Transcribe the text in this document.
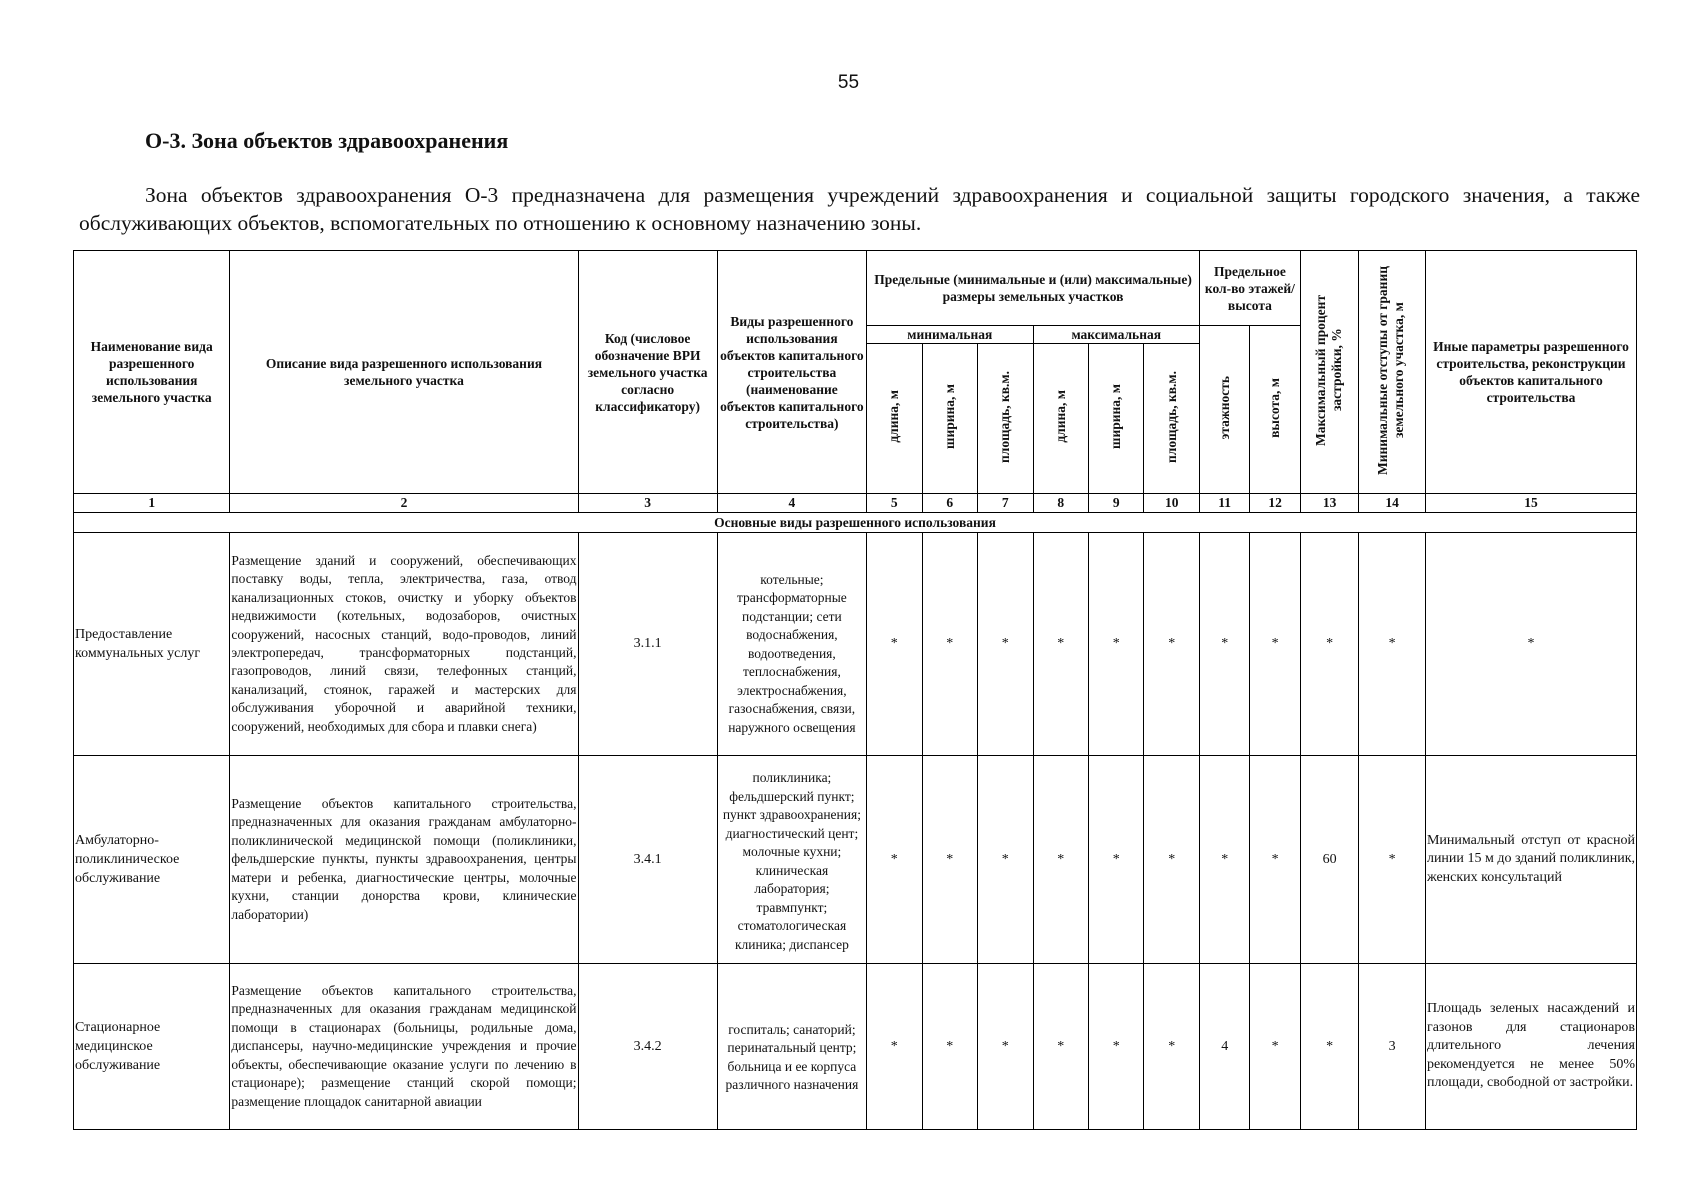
55
О-3. Зона объектов здравоохранения
Зона объектов здравоохранения О-3 предназначена для размещения учреждений здравоохранения и социальной защиты городского значения, а также обслуживающих объектов, вспомогательных по отношению к основному назначению зоны.
Наименование вида разрешенного использования земельного участка	Описание вида разрешенного использования земельного участка	Код (числовое обозначение ВРИ земельного участка согласно классификатору)	Виды разрешенного использования объектов капитального строительства (наименование объектов капитального строительства)	Предельные (минимальные и (или) максимальные) размеры земельных участков						Предельное кол-во этажей/ высота		Максимальный процент застройки, %	Минимальные отступы от границ земельного участка, м	Иные параметры разрешенного строительства, реконструкции объектов капитального строительства
				минимальная			максимальная			этажность	высота, м			
				длина, м	ширина, м	площадь, кв.м.	длина, м	ширина, м	площадь, кв.м.					
1	2	3	4	5	6	7	8	9	10	11	12	13	14	15
Основные виды разрешенного использования														
Предоставление коммунальных услуг	Размещение зданий и сооружений, обеспечивающих поставку воды, тепла, электричества, газа, отвод канализационных стоков, очистку и уборку объектов недвижимости (котельных, водозаборов, очистных сооружений, насосных станций, водо-проводов, линий электропередач, трансформаторных подстанций, газопроводов, линий связи, телефонных станций, канализаций, стоянок, гаражей и мастерских для обслуживания уборочной и аварийной техники, сооружений, необходимых для сбора и плавки снега)	3.1.1	котельные; трансформаторные подстанции; сети водоснабжения, водоотведения, теплоснабжения, электроснабжения, газоснабжения, связи, наружного освещения	*	*	*	*	*	*	*	*	*	*	*
Амбулаторно-поликлиническое обслуживание	Размещение объектов капитального строительства, предназначенных для оказания гражданам амбулаторно-поликлинической медицинской помощи (поликлиники, фельдшерские пункты, пункты здравоохранения, центры матери и ребенка, диагностические центры, молочные кухни, станции донорства крови, клинические лаборатории)	3.4.1	поликлиника; фельдшерский пункт; пункт здравоохранения; диагностический цент; молочные кухни; клиническая лаборатория; травмпункт; стоматологическая клиника; диспансер	*	*	*	*	*	*	*	*	60	*	Минимальный отступ от красной линии 15 м до зданий поликлиник, женских консультаций
Стационарное медицинское обслуживание	Размещение объектов капитального строительства, предназначенных для оказания гражданам медицинской помощи в стационарах (больницы, родильные дома, диспансеры, научно-медицинские учреждения и прочие объекты, обеспечивающие оказание услуги по лечению в стационаре); размещение станций скорой помощи; размещение площадок санитарной авиации	3.4.2	госпиталь; санаторий; перинатальный центр; больница и ее корпуса различного назначения	*	*	*	*	*	*	4	*	*	3	Площадь зеленых насаждений и газонов для стационаров длительного лечения рекомендуется не менее 50% площади, свободной от застройки.
